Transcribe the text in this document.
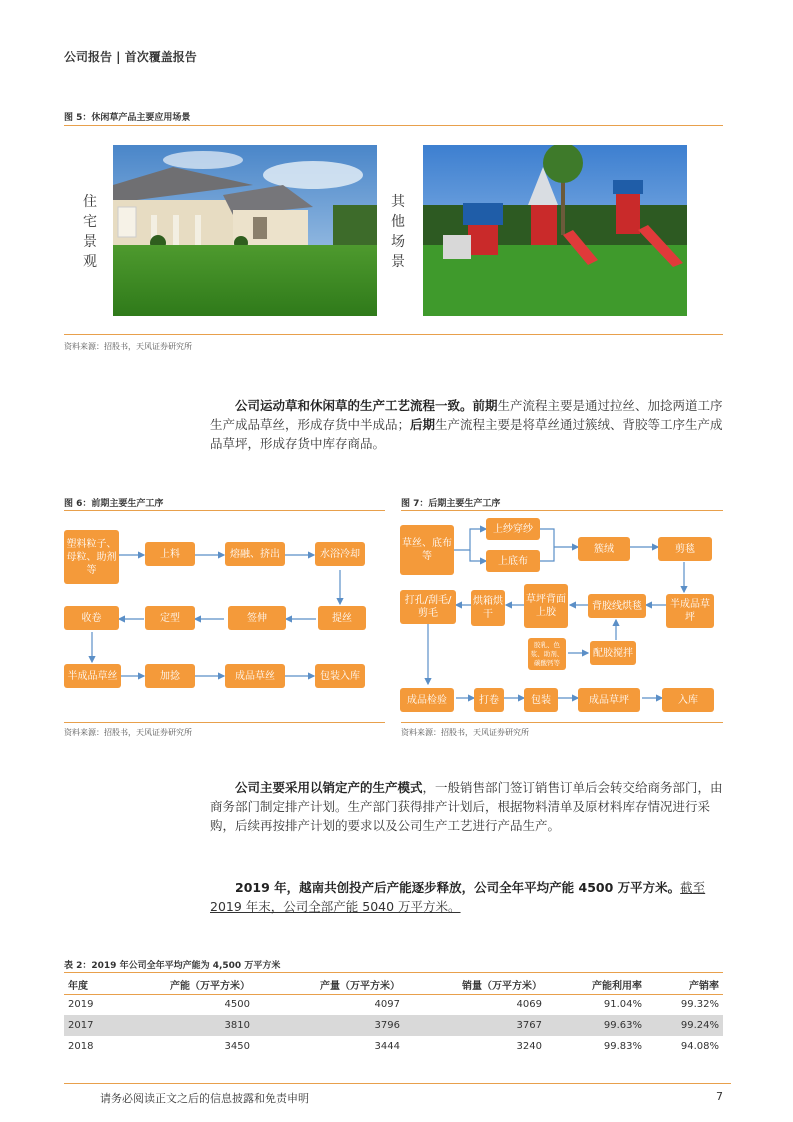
公司报告 | 首次覆盖报告
图 5：休闲草产品主要应用场景
住
宅
景
观
其
他
场
景
资料来源：招股书，天风证券研究所
公司运动草和休闲草的生产工艺流程一致。前期生产流程主要是通过拉丝、加捻两道工序生产成品草丝，形成存货中半成品；后期生产流程主要是将草丝通过簇绒、背胶等工序生产成品草坪，形成存货中库存商品。
图 6：前期主要生产工序
塑料粒子、母粒、助剂等
上料	熔融、挤出	水浴冷却
提丝
签伸
定型
收卷
半成品草丝	加捻	成品草丝	包装入库
资料来源：招股书，天风证券研究所
图 7：后期主要生产工序
草丝、底布等
上纱穿纱
上底布
簇绒	剪毯
半成品草坪
背胶线烘毯
草坪背面上胶
烘箱烘干
打孔/刮毛/剪毛
配胶搅拌
胶乳、色浆、助剂、碳酸钙等
成品检验	打卷	包装	成品草坪	入库
资料来源：招股书，天风证券研究所
公司主要采用以销定产的生产模式，一般销售部门签订销售订单后会转交给商务部门，由商务部门制定排产计划。生产部门获得排产计划后，根据物料清单及原材料库存情况进行采购，后续再按排产计划的要求以及公司生产工艺进行产品生产。
2019 年，越南共创投产后产能逐步释放，公司全年平均产能 4500 万平方米。截至 2019 年末，公司全部产能 5040 万平方米。
表 2：2019 年公司全年平均产能为 4,500 万平方米
年度	产能（万平方米）	产量（万平方米）	销量（万平方米）	产能利用率	产销率
2019	4500	4097	4069	91.04%	99.32%
2017	3810	3796	3767	99.63%	99.24%
2018	3450	3444	3240	99.83%	94.08%
请务必阅读正文之后的信息披露和免责申明	7
